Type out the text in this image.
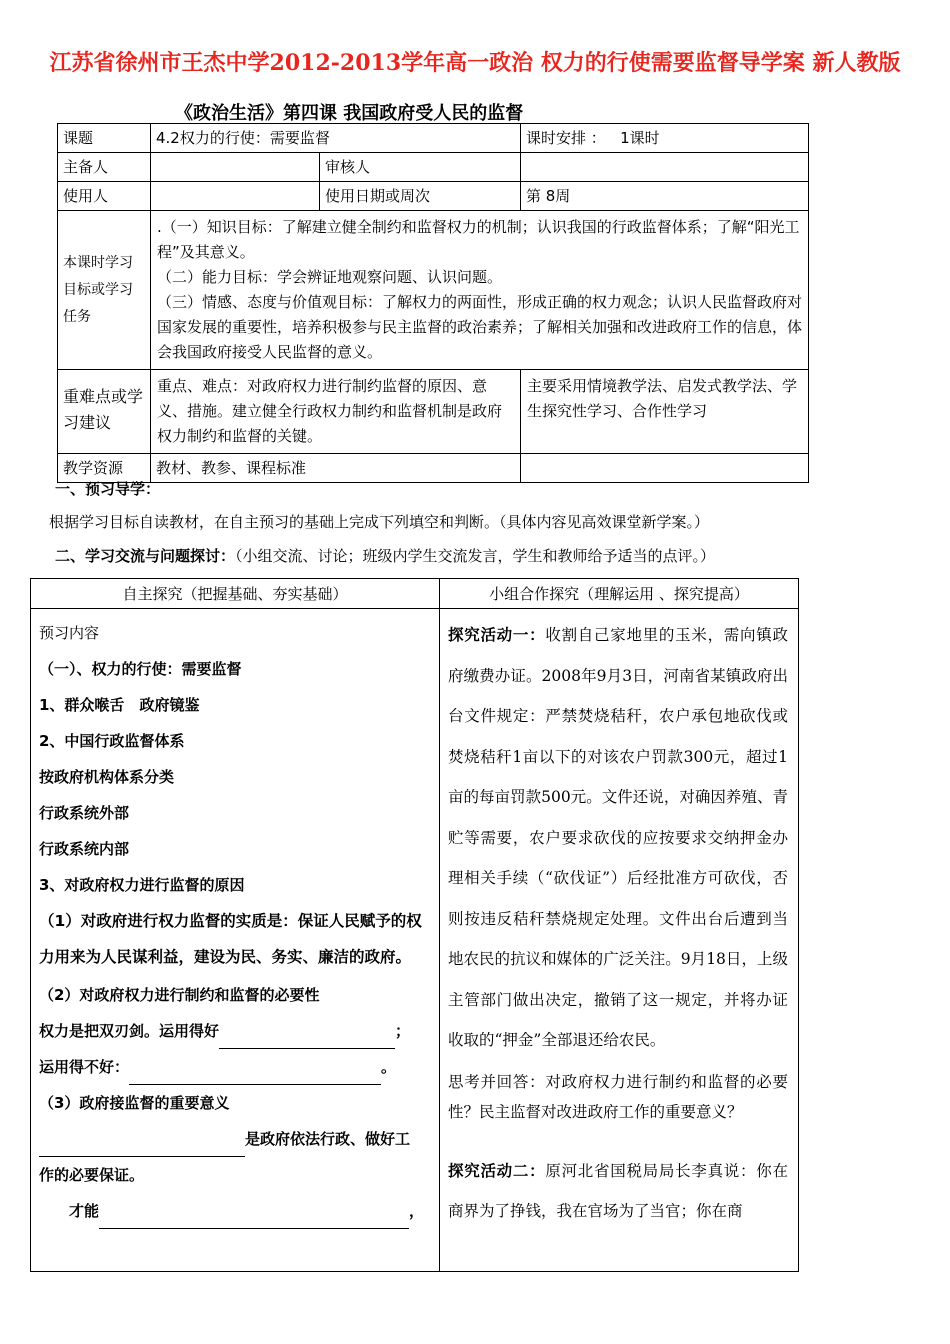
江苏省徐州市王杰中学2012-2013学年高一政治 权力的行使需要监督导学案 新人教版
《政治生活》第四课 我国政府受人民的监督
课题	4.2权力的行使：需要监督		课时安排 ： 1课时
主备人		审核人	
使用人		使用日期或周次	第 8周
本课时学习目标或学习任务	.（一）知识目标：了解建立健全制约和监督权力的机制；认识我国的行政监督体系；了解“阳光工程”及其意义。
（二）能力目标：学会辨证地观察问题、认识问题。
（三）情感、态度与价值观目标：了解权力的两面性，形成正确的权力观念；认识人民监督政府对国家发展的重要性，培养积极参与民主监督的政治素养；了解相关加强和改进政府工作的信息，体会我国政府接受人民监督的意义。		

重难点或学习建议	重点、难点：对政府权力进行制约监督的原因、意义、措施。建立健全行政权力制约和监督机制是政府权力制约和监督的关键。		主要采用情境教学法、启发式教学法、学生探究性学习、合作性学习
教学资源	教材、教参、课程标准		
一、预习导学：
根据学习目标自读教材，在自主预习的基础上完成下列填空和判断。（具体内容见高效课堂新学案。）
二、学习交流与问题探讨：（小组交流、讨论；班级内学生交流发言，学生和教师给予适当的点评。）
自主探究（把握基础、夯实基础）	小组合作探究（理解运用 、探究提高）
预习内容
（一）、权力的行使：需要监督
1、群众喉舌　政府镜鉴
2、中国行政监督体系
按政府机构体系分类
行政系统外部
行政系统内部
3、对政府权力进行监督的原因
（1）对政府进行权力监督的实质是：保证人民赋予的权力用来为人民谋利益，建设为民、务实、廉洁的政府。
（2）对政府权力进行制约和监督的必要性
权力是把双刃剑。运用得好	；
运用得不好：	。
（3）政府接监督的重要意义
是政府依法行政、做好工
作的必要保证。
才能	，
探究活动一：收割自己家地里的玉米，需向镇政府缴费办证。2008年9月3日，河南省某镇政府出台文件规定：严禁焚烧秸秆，农户承包地砍伐或焚烧秸秆1亩以下的对该农户罚款300元，超过1亩的每亩罚款500元。文件还说，对确因养殖、青贮等需要，农户要求砍伐的应按要求交纳押金办理相关手续（“砍伐证”）后经批准方可砍伐，否则按违反秸秆禁烧规定处理。文件出台后遭到当地农民的抗议和媒体的广泛关注。9月18日，上级主管部门做出决定，撤销了这一规定，并将办证收取的“押金”全部退还给农民。
思考并回答：对政府权力进行制约和监督的必要性？民主监督对改进政府工作的重要意义？
探究活动二：原河北省国税局局长李真说：你在商界为了挣钱，我在官场为了当官；你在商
